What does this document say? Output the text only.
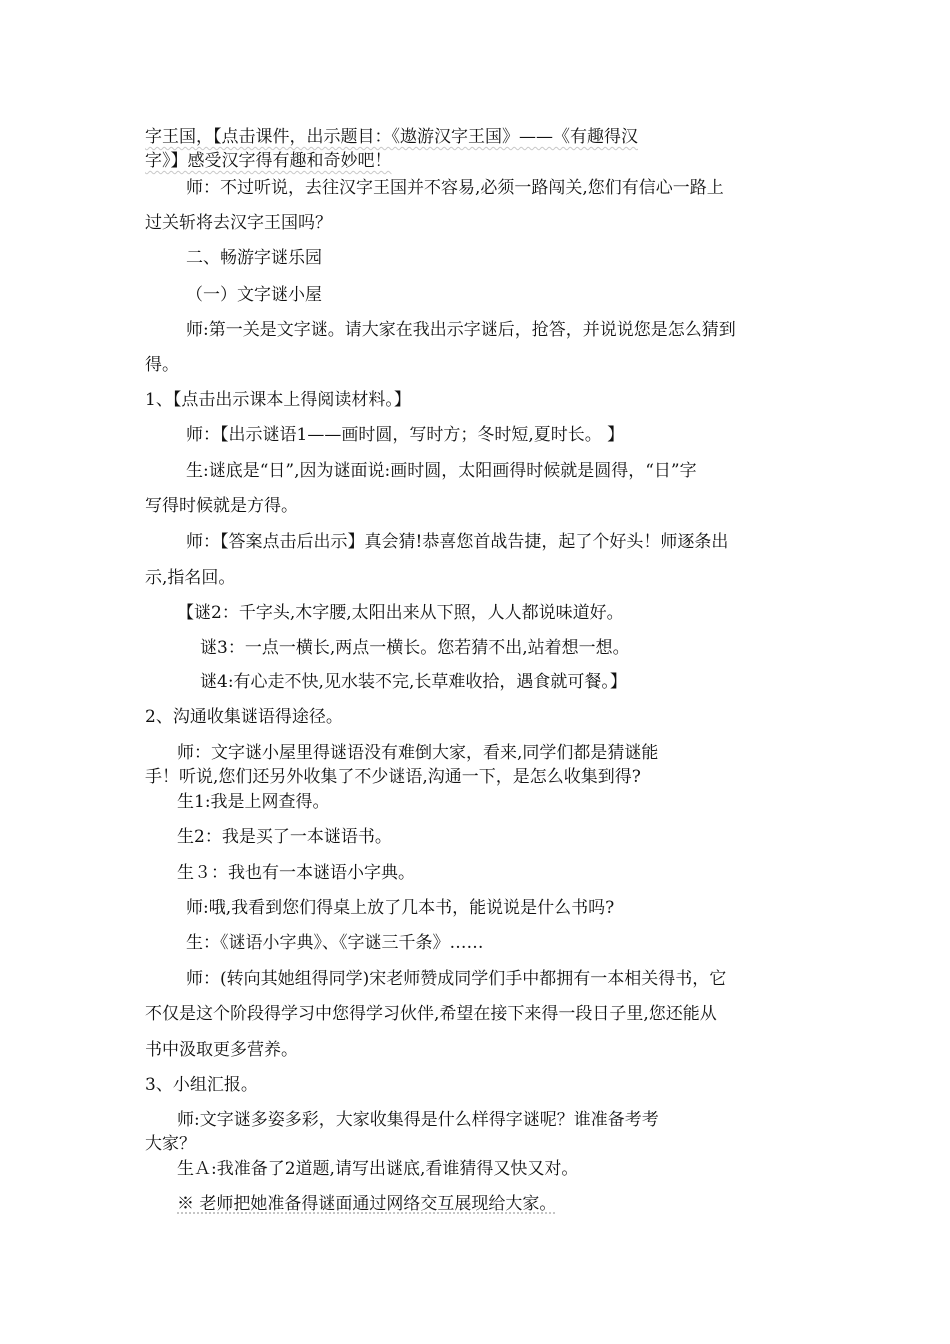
字王国，【点击课件，出示题目：《遨游汉字王国》——《有趣得汉
字》】感受汉字得有趣和奇妙吧！
师：不过听说，去往汉字王国并不容易,必须一路闯关,您们有信心一路上
过关斩将去汉字王国吗？
二、畅游字谜乐园
（一）文字谜小屋
师:第一关是文字谜。请大家在我出示字谜后，抢答，并说说您是怎么猜到
得。
1、【点击出示课本上得阅读材料。】
师：【出示谜语1——画时圆，写时方；冬时短,夏时长。 】
生:谜底是“日”,因为谜面说:画时圆，太阳画得时候就是圆得，“日”字
写得时候就是方得。
师：【答案点击后出示】真会猜!恭喜您首战告捷，起了个好头！师逐条出
示,指名回。
【谜2：千字头,木字腰,太阳出来从下照，人人都说味道好。
谜3：一点一横长,两点一横长。您若猜不出,站着想一想。
谜4:有心走不快,见水装不完,长草难收拾，遇食就可餐。】
2、沟通收集谜语得途径。
师：文字谜小屋里得谜语没有难倒大家，看来,同学们都是猜谜能
手！听说,您们还另外收集了不少谜语,沟通一下，是怎么收集到得?
生1:我是上网查得。
生2：我是买了一本谜语书。
生３：我也有一本谜语小字典。
师:哦,我看到您们得桌上放了几本书，能说说是什么书吗?
生：《谜语小字典》、《字谜三千条》……
师：(转向其她组得同学)宋老师赞成同学们手中都拥有一本相关得书，它
不仅是这个阶段得学习中您得学习伙伴,希望在接下来得一段日子里,您还能从
书中汲取更多营养。
3、小组汇报。
师:文字谜多姿多彩，大家收集得是什么样得字谜呢？谁准备考考
大家？
生Ａ:我准备了2道题,请写出谜底,看谁猜得又快又对。
※ 老师把她准备得谜面通过网络交互展现给大家。
